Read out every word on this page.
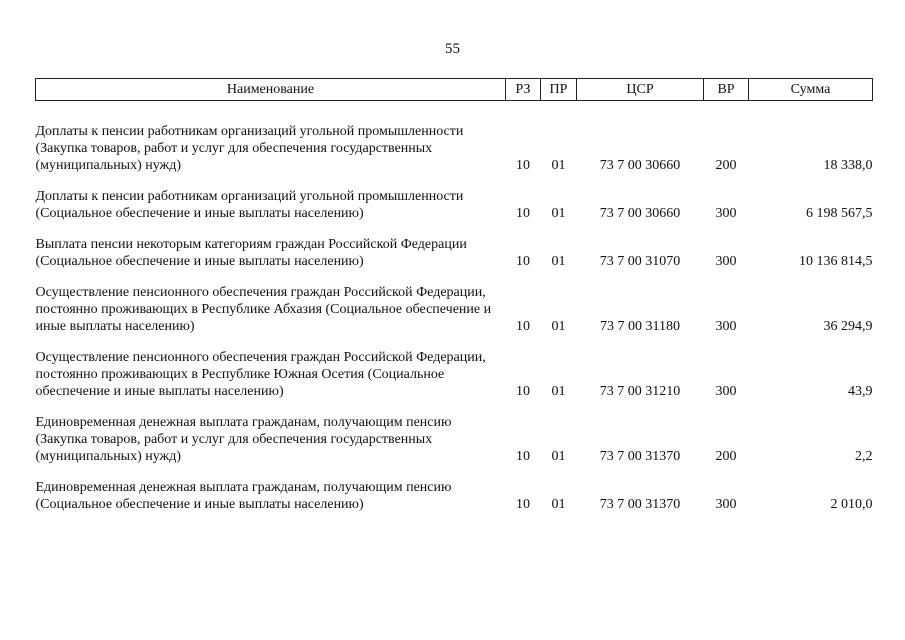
55
Наименование	РЗ	ПР	ЦСР	ВР	Сумма

Доплаты к пенсии работникам организаций угольной промышленности (Закупка товаров, работ и услуг для обеспечения государственных (муниципальных) нужд)	10	01	73 7 00 30660	200	18 338,0
Доплаты к пенсии работникам организаций угольной промышленности (Социальное обеспечение и иные выплаты населению)	10	01	73 7 00 30660	300	6 198 567,5
Выплата пенсии некоторым категориям граждан Российской Федерации (Социальное обеспечение и иные выплаты населению)	10	01	73 7 00 31070	300	10 136 814,5
Осуществление пенсионного обеспечения граждан Российской Федерации, постоянно проживающих в Республике Абхазия (Социальное обеспечение и иные выплаты населению)	10	01	73 7 00 31180	300	36 294,9
Осуществление пенсионного обеспечения граждан Российской Федерации, постоянно проживающих в Республике Южная Осетия (Социальное обеспечение и иные выплаты населению)	10	01	73 7 00 31210	300	43,9
Единовременная денежная выплата гражданам, получающим пенсию (Закупка товаров, работ и услуг для обеспечения государственных (муниципальных) нужд)	10	01	73 7 00 31370	200	2,2
Единовременная денежная выплата гражданам, получающим пенсию (Социальное обеспечение и иные выплаты населению)	10	01	73 7 00 31370	300	2 010,0
